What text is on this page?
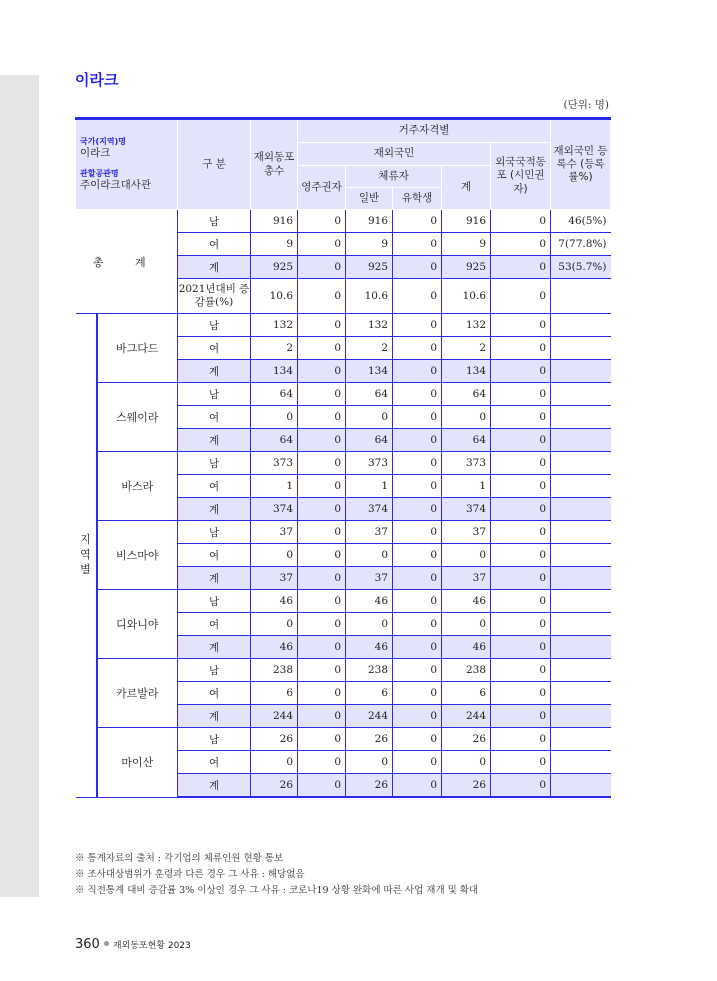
이라크
(단위: 명)
국가(지역)명
이라크
관할공관명
주이라크대사관		구 분	재외동포 총수	거주자격별					재외국민 등록수 (등록률%)
				재외국민				외국국적동포 (시민권자)	
				영주권자	체류자		계		
					일반	유학생			
총 계		남	916	0	916	0	916	0	46(5%)
		여	9	0	9	0	9	0	7(77.8%)
		계	925	0	925	0	925	0	53(5.7%)
		2021년대비 증감률(%)	10.6	0	10.6	0	10.6	0	

지
역
별	바그다드	남	132	0	132	0	132	0	
		여	2	0	2	0	2	0	
		계	134	0	134	0	134	0	
	스웨이라	남	64	0	64	0	64	0	
		여	0	0	0	0	0	0	
		계	64	0	64	0	64	0	
	바스라	남	373	0	373	0	373	0	
		여	1	0	1	0	1	0	
		계	374	0	374	0	374	0	
	비스마야	남	37	0	37	0	37	0	
		여	0	0	0	0	0	0	
		계	37	0	37	0	37	0	
	디와니야	남	46	0	46	0	46	0	
		여	0	0	0	0	0	0	
		계	46	0	46	0	46	0	
	카르발라	남	238	0	238	0	238	0	
		여	6	0	6	0	6	0	
		계	244	0	244	0	244	0	
	마이산	남	26	0	26	0	26	0	
		여	0	0	0	0	0	0	
		계	26	0	26	0	26	0	
※ 통계자료의 출처 : 각기업의 체류인원 현황 통보
※ 조사대상범위가 훈령과 다른 경우 그 사유 : 해당없음
※ 직전통계 대비 증감률 3% 이상인 경우 그 사유 : 코로나19 상황 완화에 따른 사업 재개 및 확대
360 재외동포현황 2023
